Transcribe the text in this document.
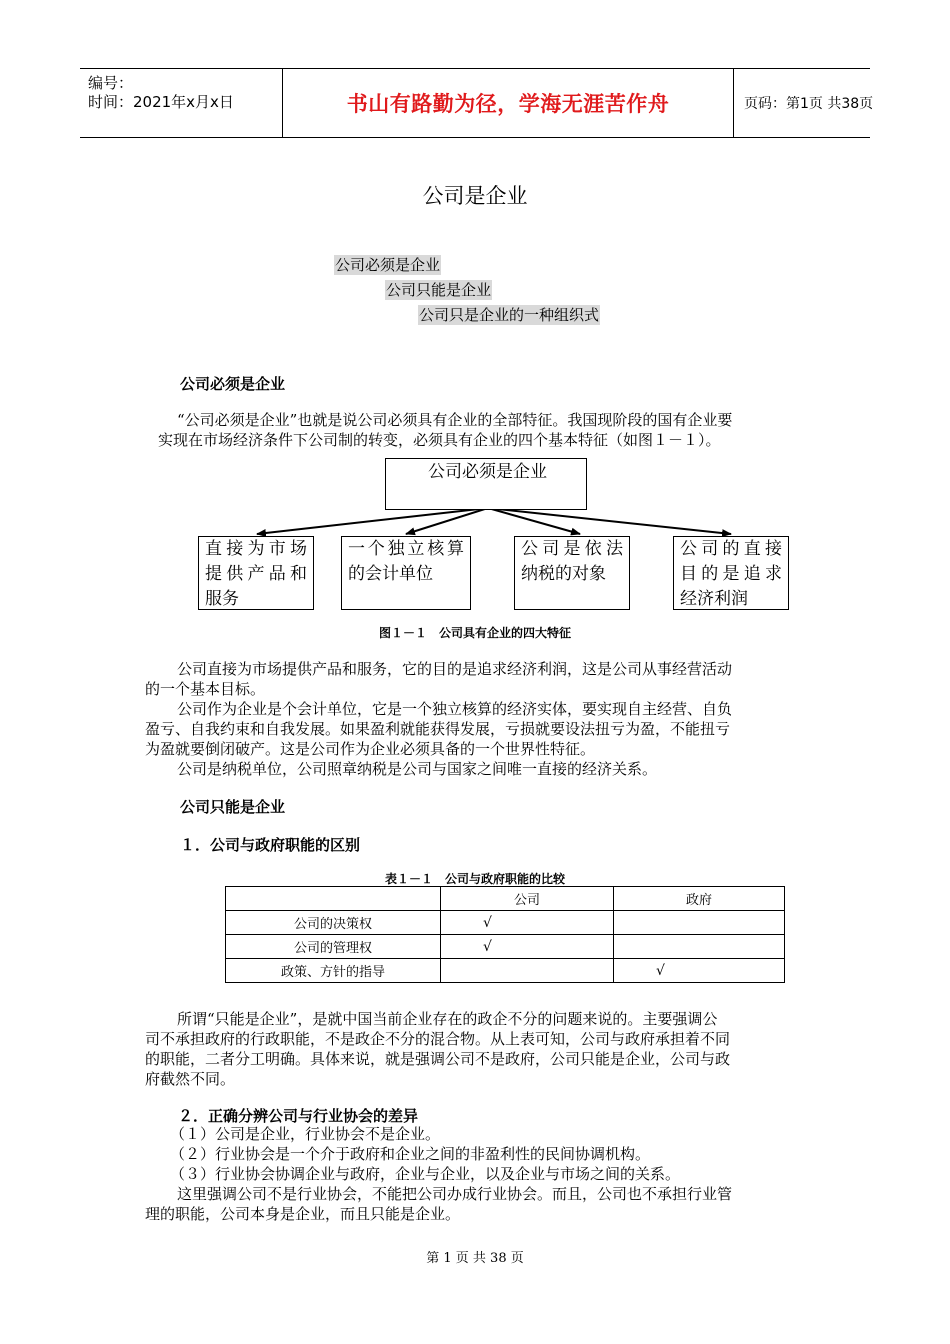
编号：
时间：2021年x月x日	书山有路勤为径，学海无涯苦作舟	页码：第1页 共38页
公司是企业
公司必须是企业
公司只能是企业
公司只是企业的一种组织式
公司必须是企业
“公司必须是企业”也就是说公司必须具有企业的全部特征。我国现阶段的国有企业要
实现在市场经济条件下公司制的转变，必须具有企业的四个基本特征（如图１－１）。
公司必须是企业
直接为市场
提供产品和
服务
一个独立核算
的会计单位
公司是依法
纳税的对象
公司的直接
目的是追求
经济利润
图１－１　公司具有企业的四大特征
公司直接为市场提供产品和服务，它的目的是追求经济利润，这是公司从事经营活动
的一个基本目标。
公司作为企业是个会计单位，它是一个独立核算的经济实体，要实现自主经营、自负
盈亏、自我约束和自我发展。如果盈利就能获得发展，亏损就要设法扭亏为盈，不能扭亏
为盈就要倒闭破产。这是公司作为企业必须具备的一个世界性特征。
公司是纳税单位，公司照章纳税是公司与国家之间唯一直接的经济关系。
公司只能是企业
１．公司与政府职能的区别
表１－１　公司与政府职能的比较
	公司	政府
公司的决策权	√	
公司的管理权	√	
政策、方针的指导		√
所谓“只能是企业”，是就中国当前企业存在的政企不分的问题来说的。主要强调公
司不承担政府的行政职能，不是政企不分的混合物。从上表可知，公司与政府承担着不同
的职能，二者分工明确。具体来说，就是强调公司不是政府，公司只能是企业，公司与政
府截然不同。
２．正确分辨公司与行业协会的差异
（１）公司是企业，行业协会不是企业。
（２）行业协会是一个介于政府和企业之间的非盈利性的民间协调机构。
（３）行业协会协调企业与政府，企业与企业，以及企业与市场之间的关系。
这里强调公司不是行业协会，不能把公司办成行业协会。而且，公司也不承担行业管
理的职能，公司本身是企业，而且只能是企业。
第 1 页 共 38 页
